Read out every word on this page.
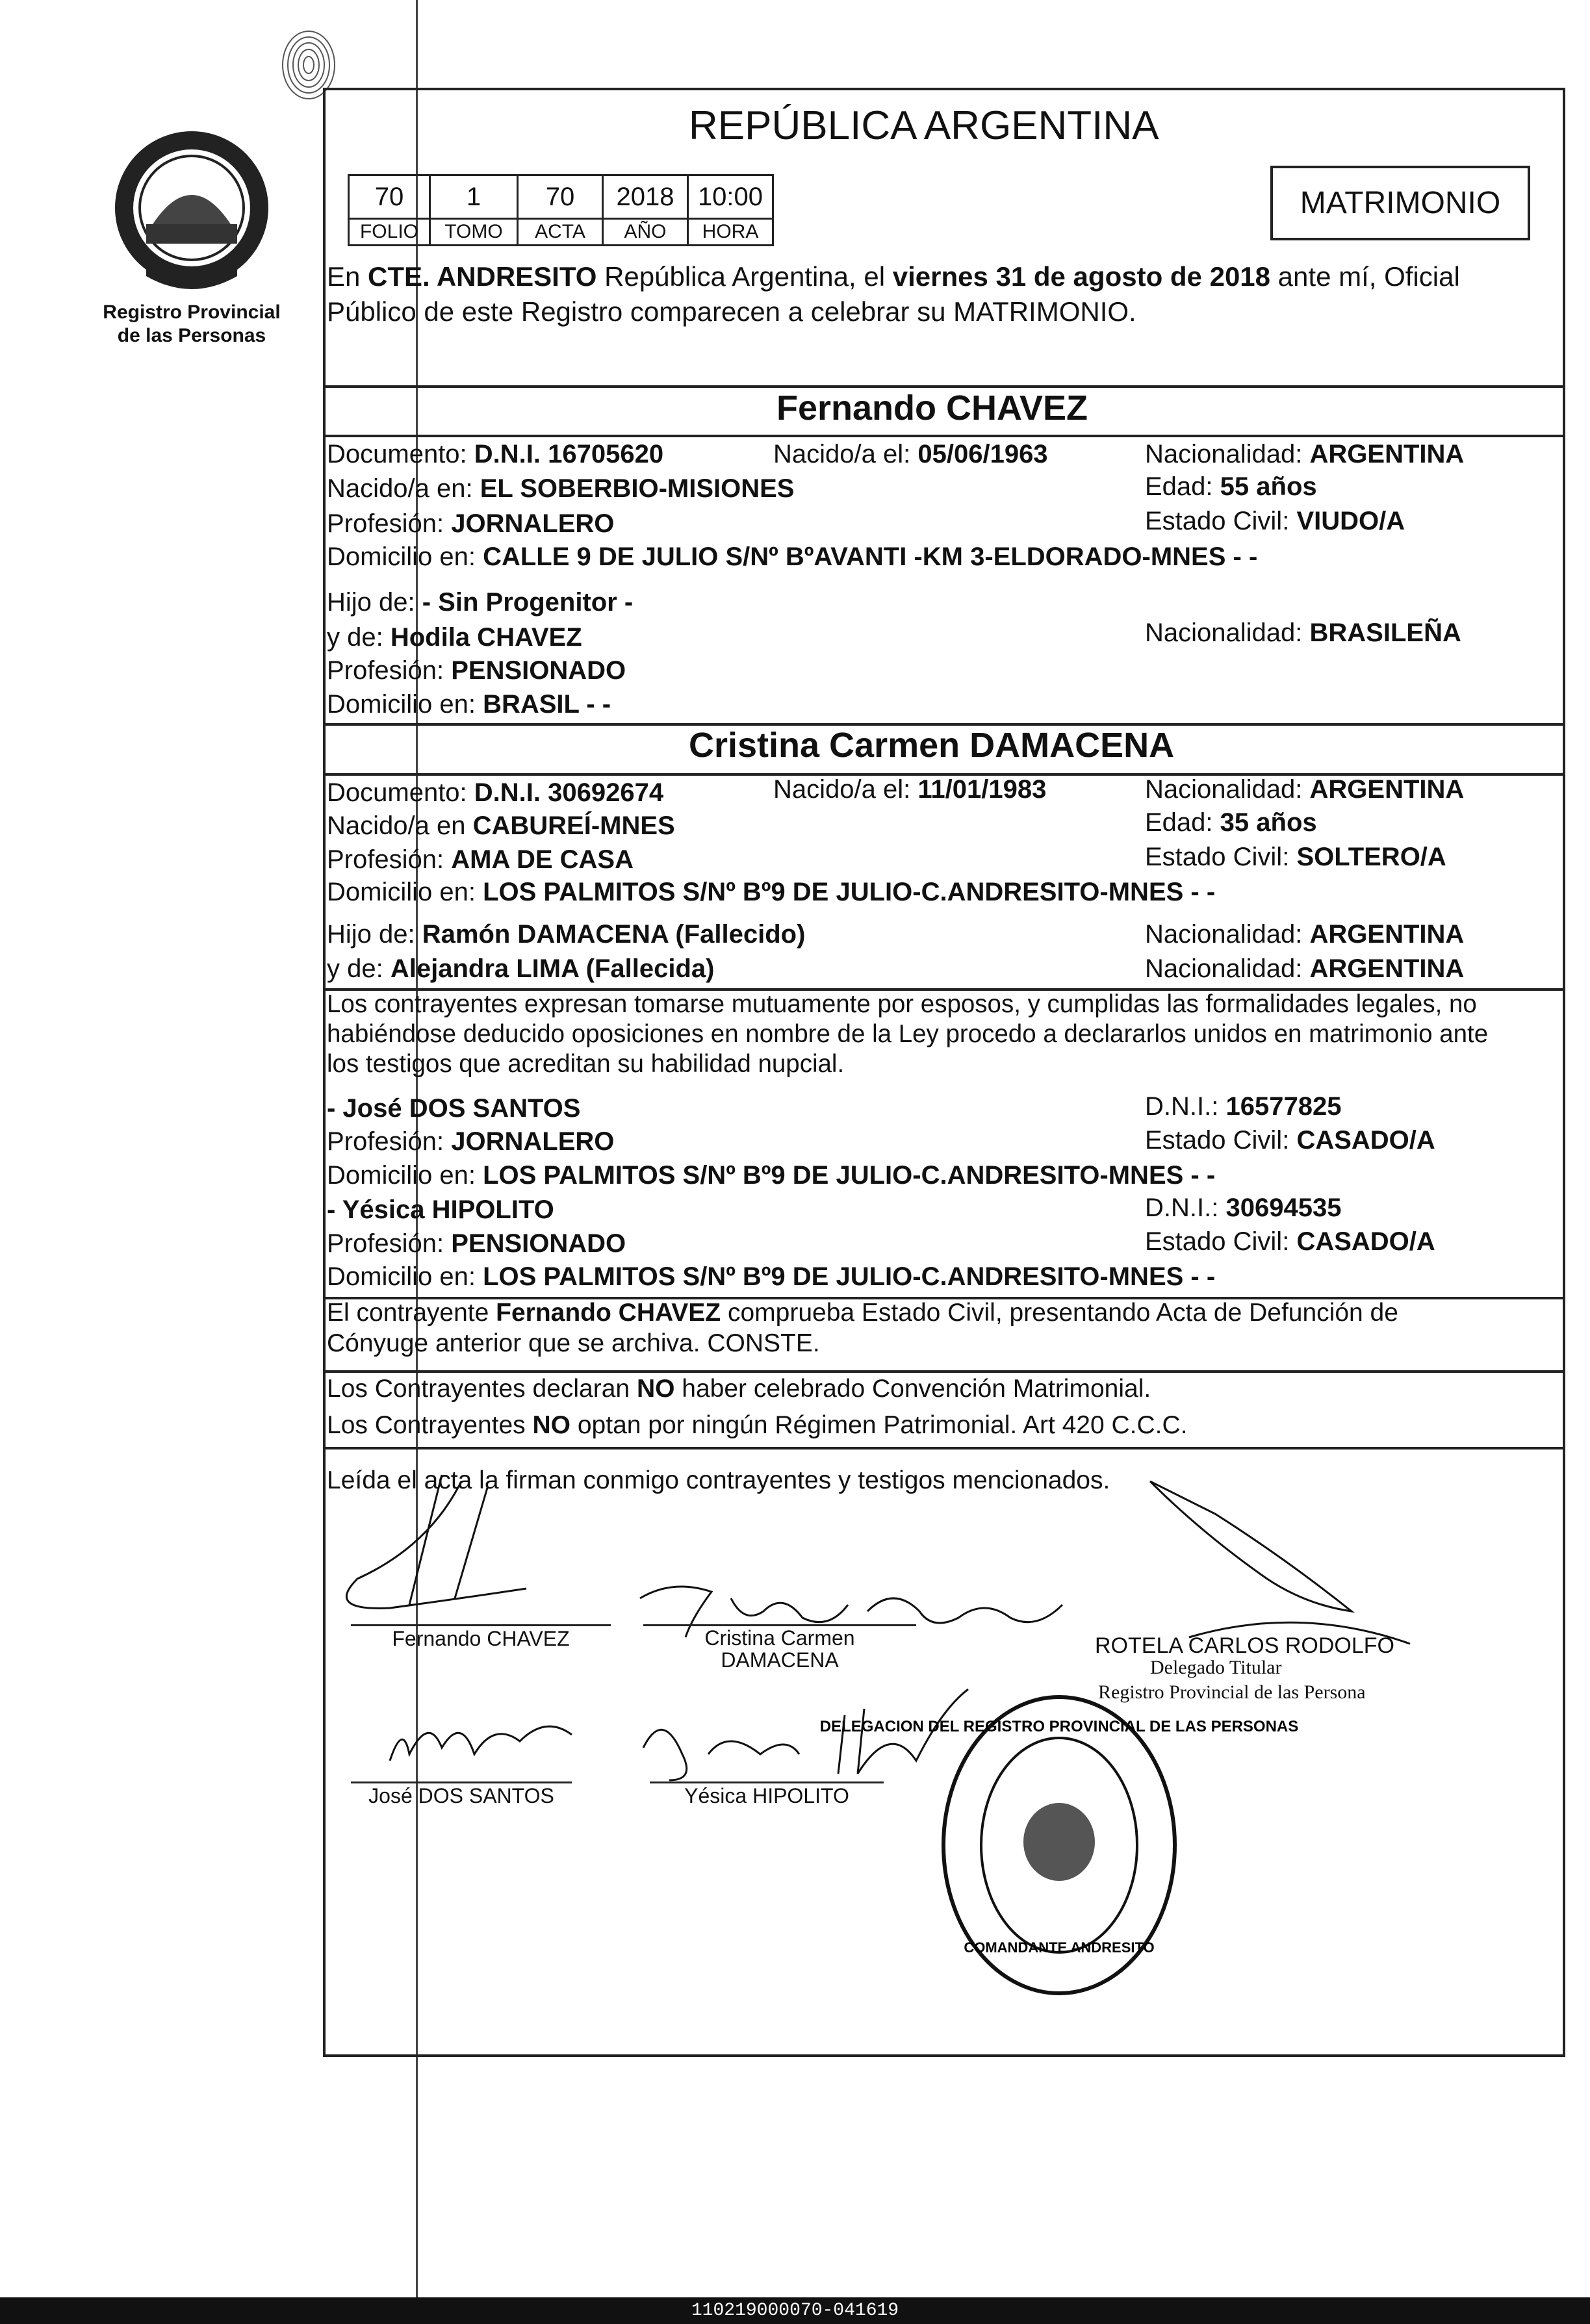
Registro Provincial
de las Personas
REPÚBLICA ARGENTINA
70	1	70	2018	10:00
FOLIO	TOMO	ACTA	AÑO	HORA
MATRIMONIO
En CTE. ANDRESITO República Argentina, el viernes 31 de agosto de 2018 ante mí, Oficial
Público de este Registro comparecen a celebrar su MATRIMONIO.
Fernando CHAVEZ
Documento: D.N.I. 16705620	Nacido/a el: 05/06/1963	Nacionalidad: ARGENTINA
Nacido/a en: EL SOBERBIO-MISIONES	Edad: 55 años
Profesión: JORNALERO	Estado Civil: VIUDO/A
Domicilio en: CALLE 9 DE JULIO S/Nº BºAVANTI -KM 3-ELDORADO-MNES - -
Hijo de: - Sin Progenitor -
y de: Hodila CHAVEZ	Nacionalidad: BRASILEÑA
Profesión: PENSIONADO
Domicilio en: BRASIL - -
Cristina Carmen DAMACENA
Documento: D.N.I. 30692674	Nacido/a el: 11/01/1983	Nacionalidad: ARGENTINA
Nacido/a en CABUREÍ-MNES	Edad: 35 años
Profesión: AMA DE CASA	Estado Civil: SOLTERO/A
Domicilio en: LOS PALMITOS S/Nº Bº9 DE JULIO-C.ANDRESITO-MNES - -
Hijo de: Ramón DAMACENA (Fallecido)	Nacionalidad: ARGENTINA
y de: Alejandra LIMA (Fallecida)	Nacionalidad: ARGENTINA
Los contrayentes expresan tomarse mutuamente por esposos, y cumplidas las formalidades legales, no
habiéndose deducido oposiciones en nombre de la Ley procedo a declararlos unidos en matrimonio ante
los testigos que acreditan su habilidad nupcial.
- José DOS SANTOS	D.N.I.: 16577825
Profesión: JORNALERO	Estado Civil: CASADO/A
Domicilio en: LOS PALMITOS S/Nº Bº9 DE JULIO-C.ANDRESITO-MNES - -
- Yésica HIPOLITO	D.N.I.: 30694535
Profesión: PENSIONADO	Estado Civil: CASADO/A
Domicilio en: LOS PALMITOS S/Nº Bº9 DE JULIO-C.ANDRESITO-MNES - -
El contrayente Fernando CHAVEZ comprueba Estado Civil, presentando Acta de Defunción de
Cónyuge anterior que se archiva. CONSTE.
Los Contrayentes declaran NO haber celebrado Convención Matrimonial.
Los Contrayentes NO optan por ningún Régimen Patrimonial. Art 420 C.C.C.
Leída el acta la firman conmigo contrayentes y testigos mencionados.
Fernando CHAVEZ	Cristina Carmen
DAMACENA
ROTELA CARLOS RODOLFO
Delegado Titular
Registro Provincial de las Persona
José DOS SANTOS	Yésica HIPOLITO
DELEGACION DEL REGISTRO PROVINCIAL DE LAS PERSONAS
COMANDANTE ANDRESITO
110219000070-041619
